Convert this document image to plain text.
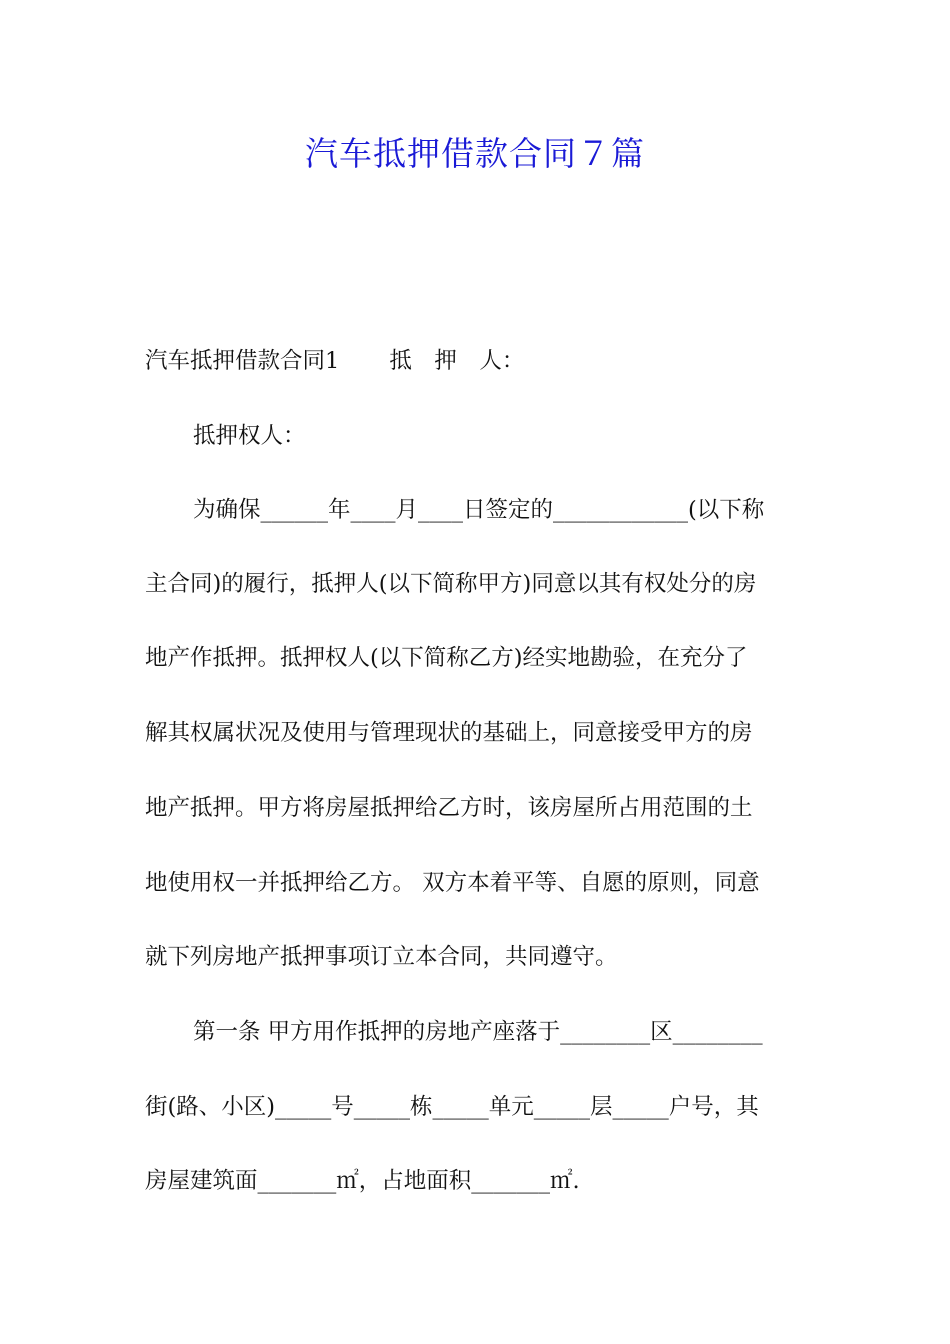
汽车抵押借款合同７篇
汽车抵押借款合同1 抵　押　人：
抵押权人：
为确保______年____月____日签定的____________(以下称
主合同)的履行，抵押人(以下简称甲方)同意以其有权处分的房
地产作抵押。抵押权人(以下简称乙方)经实地勘验，在充分了
解其权属状况及使用与管理现状的基础上，同意接受甲方的房
地产抵押。甲方将房屋抵押给乙方时，该房屋所占用范围的土
地使用权一并抵押给乙方。 双方本着平等、自愿的原则，同意
就下列房地产抵押事项订立本合同，共同遵守。
第一条 甲方用作抵押的房地产座落于________区________
街(路、小区)_____号_____栋_____单元_____层_____户号，其
房屋建筑面_______㎡，占地面积_______㎡.
